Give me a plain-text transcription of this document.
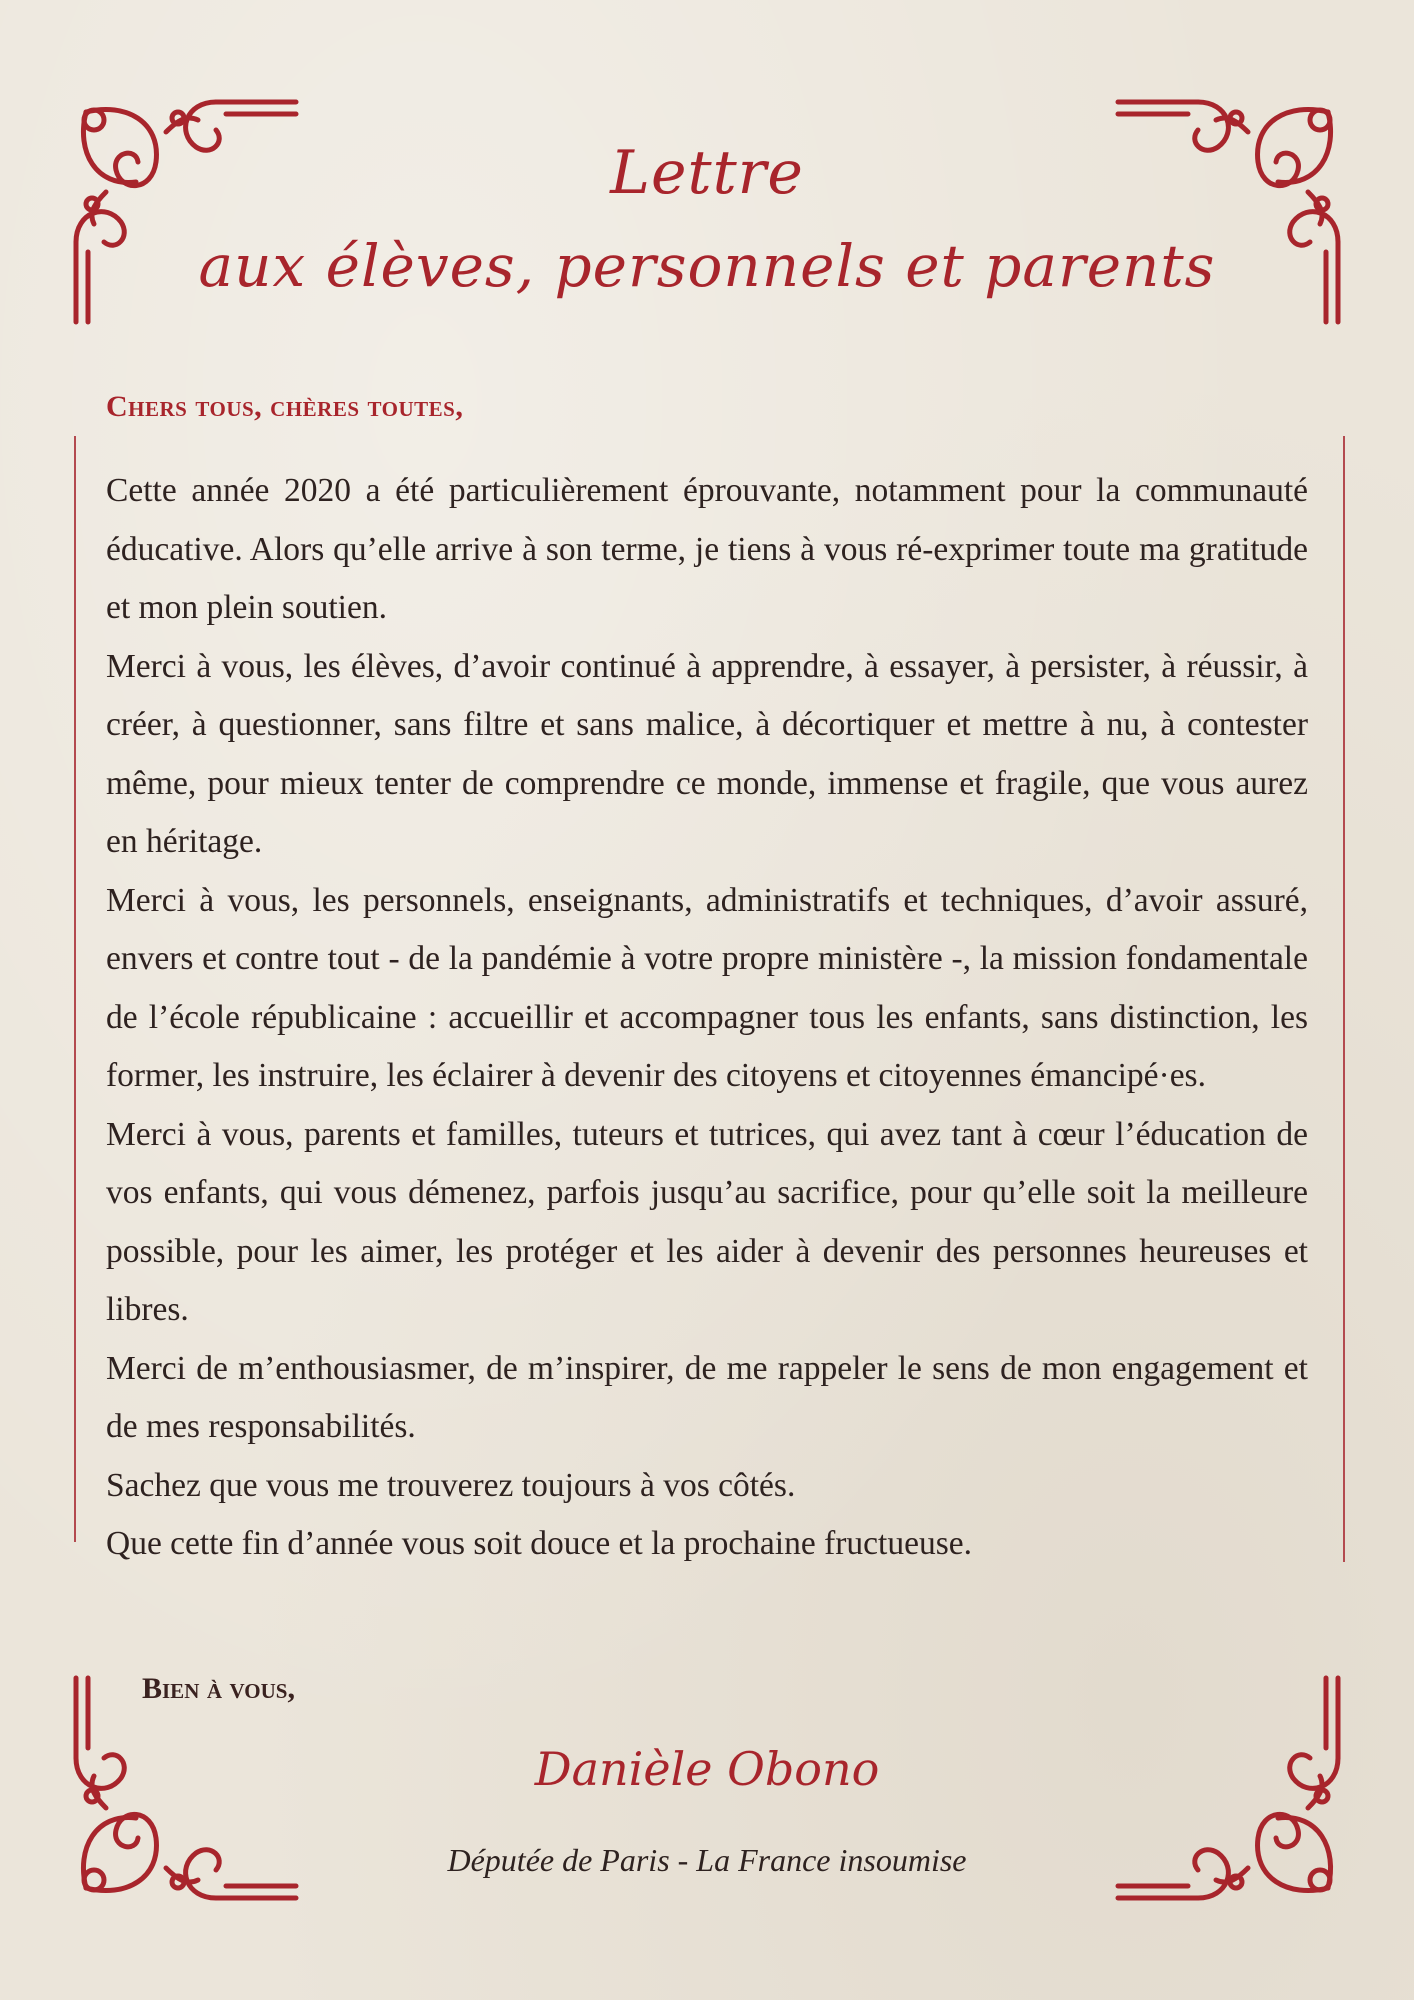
Lettre
aux élèves, personnels et parents
Chers tous, chères toutes,

Cette année 2020 a été particulièrement éprouvante, notamment pour la communauté éducative. Alors qu’elle arrive à son terme, je tiens à vous ré-exprimer toute ma gratitude et mon plein soutien.

Merci à vous, les élèves, d’avoir continué à apprendre, à essayer, à persister, à réussir, à créer, à questionner, sans filtre et sans malice, à décortiquer et mettre à nu, à contester même, pour mieux tenter de comprendre ce monde, immense et fragile, que vous aurez en héritage.

Merci à vous, les personnels, enseignants, administratifs et techniques, d’avoir assuré, envers et contre tout - de la pandémie à votre propre ministère -, la mission fondamentale de l’école républicaine : accueillir et accompagner tous les enfants, sans distinction, les former, les instruire, les éclairer à devenir des citoyens et citoyennes émancipé·es.

Merci à vous, parents et familles, tuteurs et tutrices, qui avez tant à cœur l’éducation de vos enfants, qui vous démenez, parfois jusqu’au sacrifice, pour qu’elle soit la meilleure possible, pour les aimer, les protéger et les aider à devenir des personnes heureuses et libres.

Merci de m’enthousiasmer, de m’inspirer, de me rappeler le sens de mon engagement et de mes responsabilités.

Sachez que vous me trouverez toujours à vos côtés.

Que cette fin d’année vous soit douce et la prochaine fructueuse.

Bien à vous,
Danièle Obono
Députée de Paris - La France insoumise
